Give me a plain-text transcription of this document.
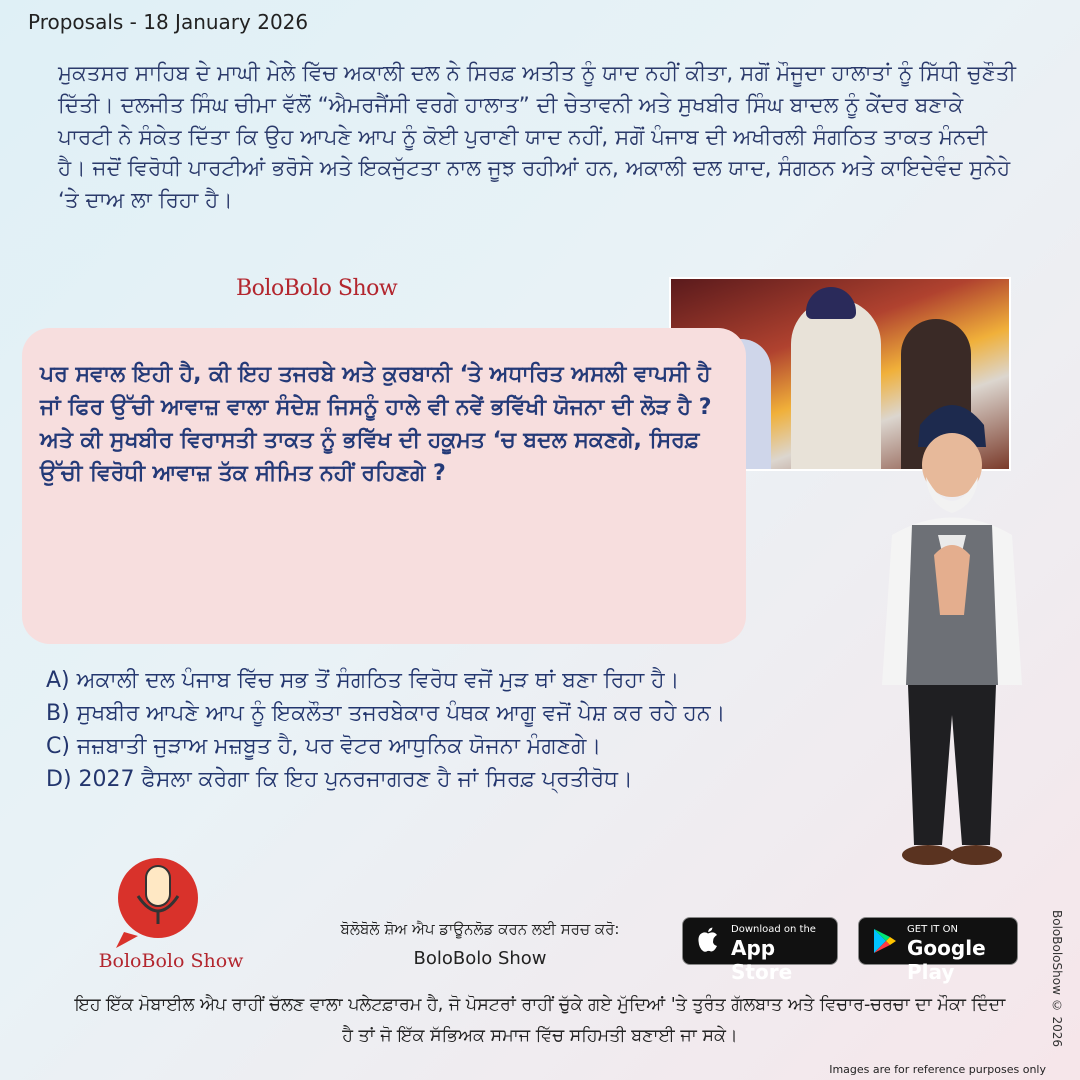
Proposals - 18 January 2026

ਮੁਕਤਸਰ ਸਾਹਿਬ ਦੇ ਮਾਘੀ ਮੇਲੇ ਵਿੱਚ ਅਕਾਲੀ ਦਲ ਨੇ ਸਿਰਫ਼ ਅਤੀਤ ਨੂੰ ਯਾਦ ਨਹੀਂ ਕੀਤਾ, ਸਗੋਂ ਮੌਜੂਦਾ ਹਾਲਾਤਾਂ ਨੂੰ ਸਿੱਧੀ ਚੁਣੌਤੀ ਦਿੱਤੀ। ਦਲਜੀਤ ਸਿੰਘ ਚੀਮਾ ਵੱਲੋਂ “ਐਮਰਜੈਂਸੀ ਵਰਗੇ ਹਾਲਾਤ” ਦੀ ਚੇਤਾਵਨੀ ਅਤੇ ਸੁਖਬੀਰ ਸਿੰਘ ਬਾਦਲ ਨੂੰ ਕੇਂਦਰ ਬਣਾਕੇ ਪਾਰਟੀ ਨੇ ਸੰਕੇਤ ਦਿੱਤਾ ਕਿ ਉਹ ਆਪਣੇ ਆਪ ਨੂੰ ਕੋਈ ਪੁਰਾਣੀ ਯਾਦ ਨਹੀਂ, ਸਗੋਂ ਪੰਜਾਬ ਦੀ ਅਖੀਰਲੀ ਸੰਗਠਿਤ ਤਾਕਤ ਮੰਨਦੀ ਹੈ। ਜਦੋਂ ਵਿਰੋਧੀ ਪਾਰਟੀਆਂ ਭਰੋਸੇ ਅਤੇ ਇਕਜੁੱਟਤਾ ਨਾਲ ਜੂਝ ਰਹੀਆਂ ਹਨ, ਅਕਾਲੀ ਦਲ ਯਾਦ, ਸੰਗਠਨ ਅਤੇ ਕਾਇਦੇਵੰਦ ਸੁਨੇਹੇ ‘ਤੇ ਦਾਅ ਲਾ ਰਿਹਾ ਹੈ।

BoloBolo Show

ਪਰ ਸਵਾਲ ਇਹੀ ਹੈ, ਕੀ ਇਹ ਤਜਰਬੇ ਅਤੇ ਕੁਰਬਾਨੀ ‘ਤੇ ਅਧਾਰਿਤ ਅਸਲੀ ਵਾਪਸੀ ਹੈ ਜਾਂ ਫਿਰ ਉੱਚੀ ਆਵਾਜ਼ ਵਾਲਾ ਸੰਦੇਸ਼ ਜਿਸਨੂੰ ਹਾਲੇ ਵੀ ਨਵੇਂ ਭਵਿੱਖੀ ਯੋਜਨਾ ਦੀ ਲੋੜ ਹੈ ? ਅਤੇ ਕੀ ਸੁਖਬੀਰ ਵਿਰਾਸਤੀ ਤਾਕਤ ਨੂੰ ਭਵਿੱਖ ਦੀ ਹਕੂਮਤ ‘ਚ ਬਦਲ ਸਕਣਗੇ, ਸਿਰਫ਼ ਉੱਚੀ ਵਿਰੋਧੀ ਆਵਾਜ਼ ਤੱਕ ਸੀਮਿਤ ਨਹੀਂ ਰਹਿਣਗੇ ?

A) ਅਕਾਲੀ ਦਲ ਪੰਜਾਬ ਵਿੱਚ ਸਭ ਤੋਂ ਸੰਗਠਿਤ ਵਿਰੋਧ ਵਜੋਂ ਮੁੜ ਥਾਂ ਬਣਾ ਰਿਹਾ ਹੈ।
B) ਸੁਖਬੀਰ ਆਪਣੇ ਆਪ ਨੂੰ ਇਕਲੌਤਾ ਤਜਰਬੇਕਾਰ ਪੰਥਕ ਆਗੂ ਵਜੋਂ ਪੇਸ਼ ਕਰ ਰਹੇ ਹਨ।
C) ਜਜ਼ਬਾਤੀ ਜੁੜਾਅ ਮਜ਼ਬੂਤ ਹੈ, ਪਰ ਵੋਟਰ ਆਧੁਨਿਕ ਯੋਜਨਾ ਮੰਗਣਗੇ।
D) 2027 ਫੈਸਲਾ ਕਰੇਗਾ ਕਿ ਇਹ ਪੁਨਰਜਾਗਰਣ ਹੈ ਜਾਂ ਸਿਰਫ਼ ਪ੍ਰਤੀਰੋਧ।
BoloBolo Show
ਬੋਲੋਬੋਲੋ ਸ਼ੋਅ ਐਪ ਡਾਊਨਲੋਡ ਕਰਨ ਲਈ ਸਰਚ ਕਰੋ:
BoloBolo Show
Download on the
App Store
GET IT ON
Google Play

ਇਹ ਇੱਕ ਮੋਬਾਈਲ ਐਪ ਰਾਹੀਂ ਚੱਲਣ ਵਾਲਾ ਪਲੇਟਫ਼ਾਰਮ ਹੈ, ਜੋ ਪੋਸਟਰਾਂ ਰਾਹੀਂ ਚੁੱਕੇ ਗਏ ਮੁੱਦਿਆਂ 'ਤੇ ਤੁਰੰਤ ਗੱਲਬਾਤ ਅਤੇ ਵਿਚਾਰ-ਚਰਚਾ ਦਾ ਮੌਕਾ ਦਿੰਦਾ ਹੈ ਤਾਂ ਜੋ ਇੱਕ ਸੱਭਿਅਕ ਸਮਾਜ ਵਿੱਚ ਸਹਿਮਤੀ ਬਣਾਈ ਜਾ ਸਕੇ।	BoloBoloShow © 2026
Images are for reference purposes only
